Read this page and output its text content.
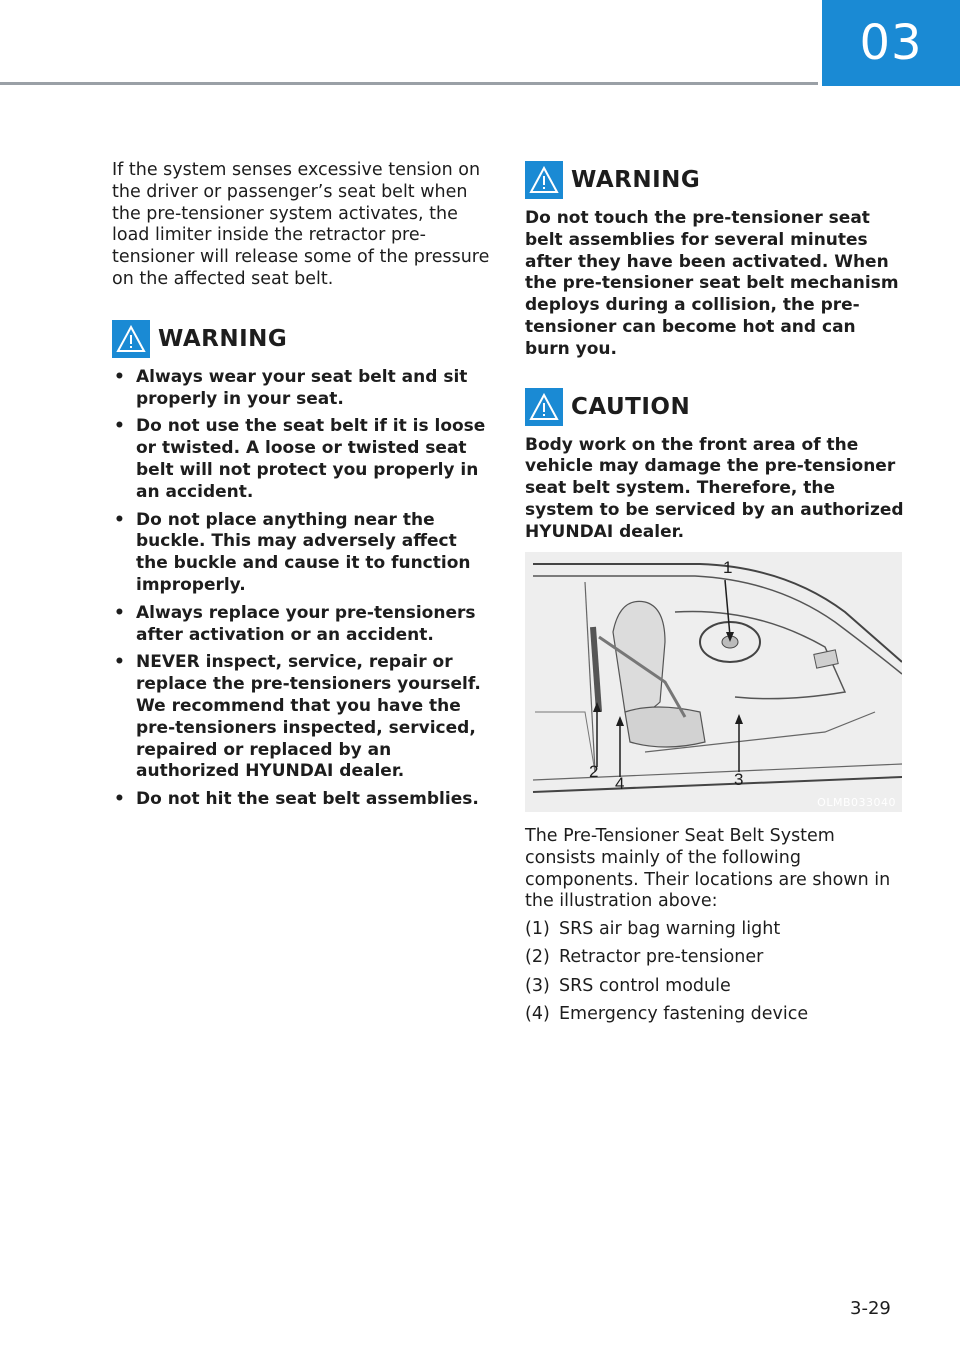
03

If the system senses excessive tension on the driver or passenger’s seat belt when the pre-tensioner system activates, the load limiter inside the retractor pre-tensioner will release some of the pressure on the affected seat belt.

WARNING
• Always wear your seat belt and sit properly in your seat.
• Do not use the seat belt if it is loose or twisted. A loose or twisted seat belt will not protect you properly in an accident.
• Do not place anything near the buckle. This may adversely affect the buckle and cause it to function improperly.
• Always replace your pre-tensioners after activation or an accident.
• NEVER inspect, service, repair or replace the pre-tensioners yourself. We recommend that you have the pre-tensioners inspected, serviced, repaired or replaced by an authorized HYUNDAI dealer.
• Do not hit the seat belt assemblies.
WARNING

Do not touch the pre-tensioner seat belt assemblies for several minutes after they have been activated. When the pre-tensioner seat belt mechanism deploys during a collision, the pre-tensioner can become hot and can burn you.

CAUTION

Body work on the front area of the vehicle may damage the pre-tensioner seat belt system. Therefore, the system to be serviced by an authorized HYUNDAI dealer.

1
2	3
4
OLMB033040

The Pre-Tensioner Seat Belt System consists mainly of the following components. Their locations are shown in the illustration above:

(1) SRS air bag warning light
(2) Retractor pre-tensioner
(3) SRS control module
(4) Emergency fastening device
3-29
